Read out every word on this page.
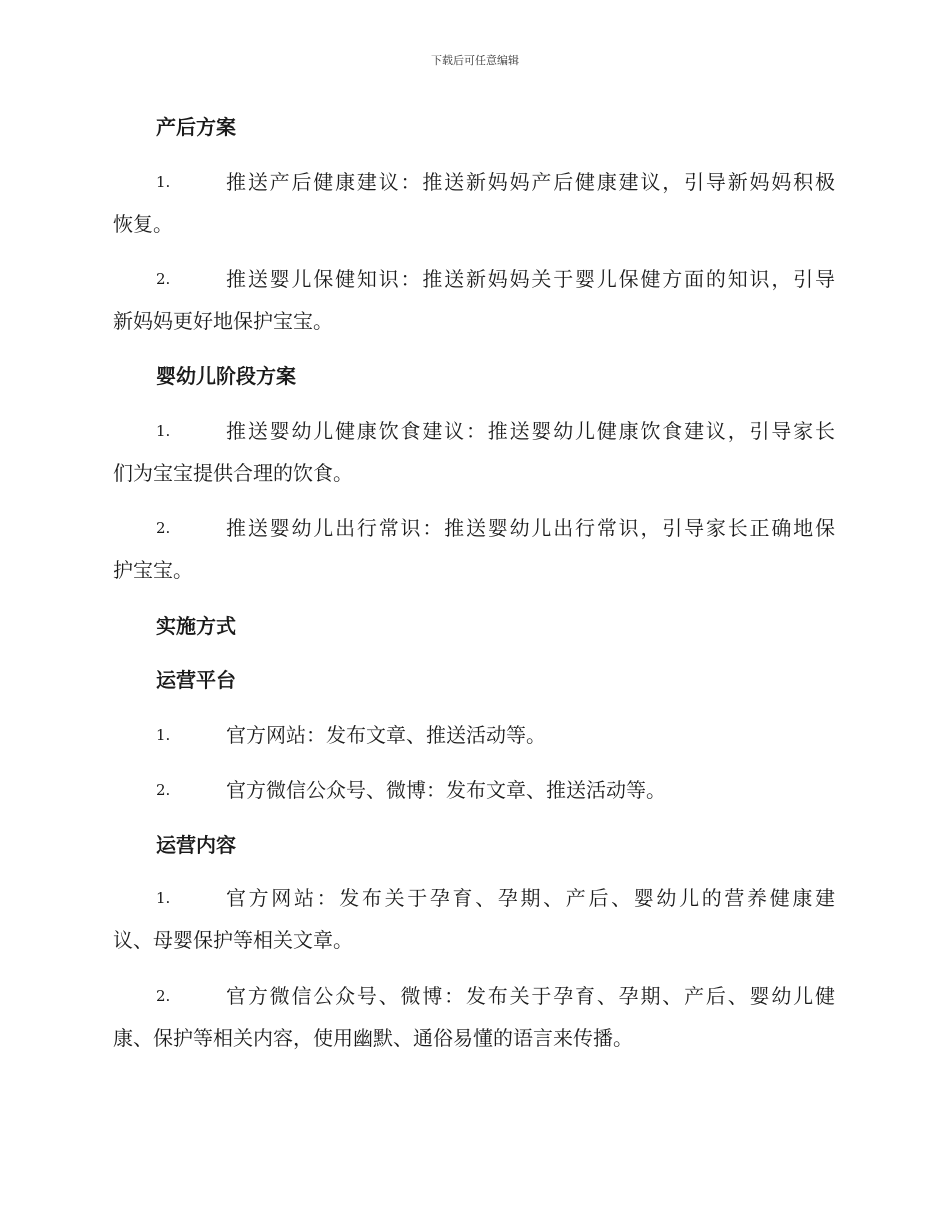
下载后可任意编辑
产后方案
1.	推送产后健康建议：推送新妈妈产后健康建议，引导新妈妈积极
恢复。
2.	推送婴儿保健知识：推送新妈妈关于婴儿保健方面的知识，引导
新妈妈更好地保护宝宝。
婴幼儿阶段方案
1.	推送婴幼儿健康饮食建议：推送婴幼儿健康饮食建议，引导家长
们为宝宝提供合理的饮食。
2.	推送婴幼儿出行常识：推送婴幼儿出行常识，引导家长正确地保
护宝宝。
实施方式
运营平台
1.	官方网站：发布文章、推送活动等。
2.	官方微信公众号、微博：发布文章、推送活动等。
运营内容
1.	官方网站：发布关于孕育、孕期、产后、婴幼儿的营养健康建
议、母婴保护等相关文章。
2.	官方微信公众号、微博：发布关于孕育、孕期、产后、婴幼儿健
康、保护等相关内容，使用幽默、通俗易懂的语言来传播。
